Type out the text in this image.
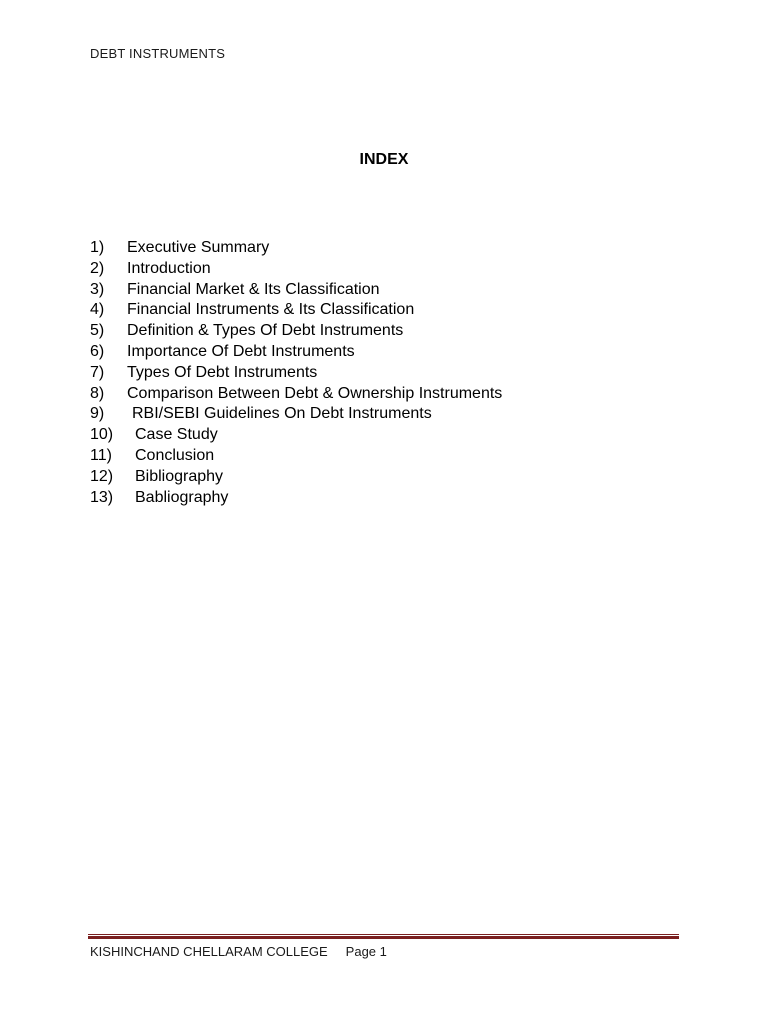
DEBT INSTRUMENTS
INDEX
1)	Executive Summary
2)	Introduction
3)	Financial Market & Its Classification
4)	Financial Instruments & Its Classification
5)	Definition & Types Of Debt Instruments
6)	Importance Of Debt Instruments
7)	Types Of Debt Instruments
8)	Comparison Between Debt & Ownership Instruments
9)	RBI/SEBI Guidelines On Debt Instruments
10)	Case Study
11)	Conclusion
12)	Bibliography
13)	Babliography
KISHINCHAND CHELLARAM COLLEGE Page 1
